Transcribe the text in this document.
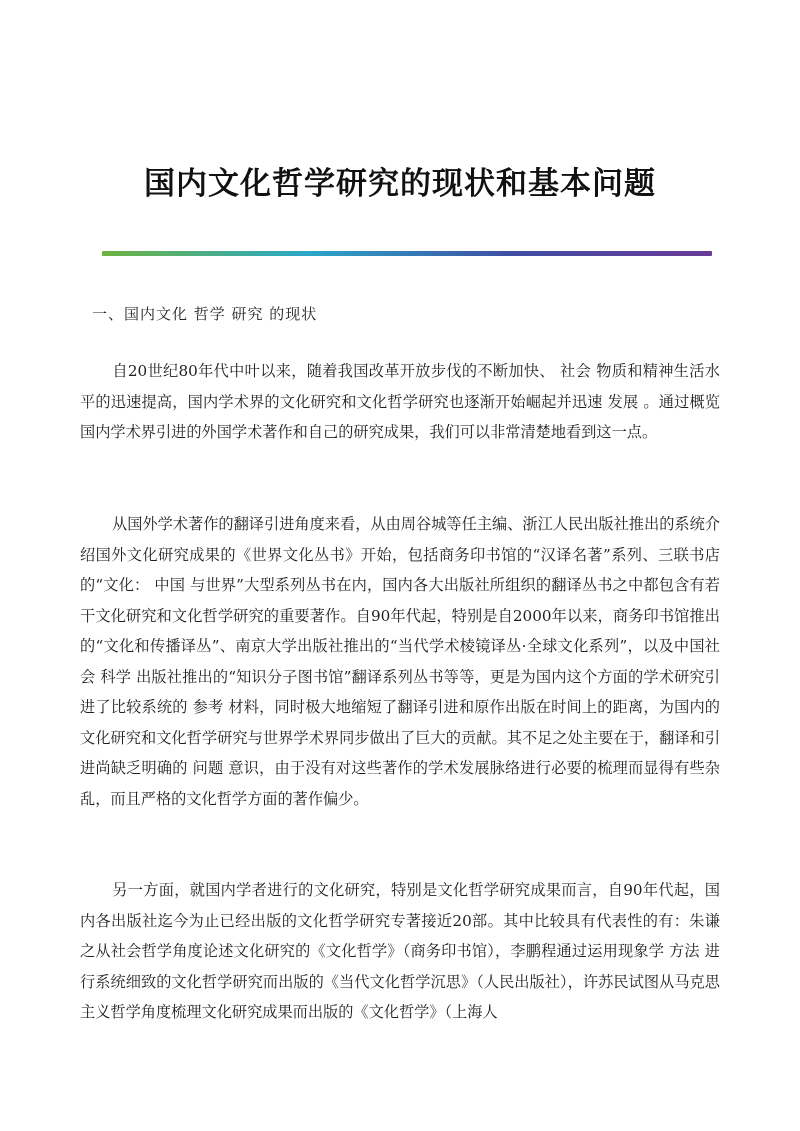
国内文化哲学研究的现状和基本问题

一、国内文化 哲学 研究 的现状

自20世纪80年代中叶以来，随着我国改革开放步伐的不断加快、 社会 物质和精神生活水平的迅速提高，国内学术界的文化研究和文化哲学研究也逐渐开始崛起并迅速 发展 。通过概览国内学术界引进的外国学术著作和自己的研究成果，我们可以非常清楚地看到这一点。

从国外学术著作的翻译引进角度来看，从由周谷城等任主编、浙江人民出版社推出的系统介绍国外文化研究成果的《世界文化丛书》开始，包括商务印书馆的“汉译名著”系列、三联书店的“文化： 中国 与世界”大型系列丛书在内，国内各大出版社所组织的翻译丛书之中都包含有若干文化研究和文化哲学研究的重要著作。自90年代起，特别是自2000年以来，商务印书馆推出的“文化和传播译丛”、南京大学出版社推出的“当代学术棱镜译丛·全球文化系列”，以及中国社会 科学 出版社推出的“知识分子图书馆”翻译系列丛书等等，更是为国内这个方面的学术研究引进了比较系统的 参考 材料，同时极大地缩短了翻译引进和原作出版在时间上的距离，为国内的文化研究和文化哲学研究与世界学术界同步做出了巨大的贡献。其不足之处主要在于，翻译和引进尚缺乏明确的 问题 意识，由于没有对这些著作的学术发展脉络进行必要的梳理而显得有些杂乱，而且严格的文化哲学方面的著作偏少。

另一方面，就国内学者进行的文化研究，特别是文化哲学研究成果而言，自90年代起，国内各出版社迄今为止已经出版的文化哲学研究专著接近20部。其中比较具有代表性的有：朱谦之从社会哲学角度论述文化研究的《文化哲学》（商务印书馆），李鹏程通过运用现象学 方法 进行系统细致的文化哲学研究而出版的《当代文化哲学沉思》（人民出版社），许苏民试图从马克思主义哲学角度梳理文化研究成果而出版的《文化哲学》（上海人
